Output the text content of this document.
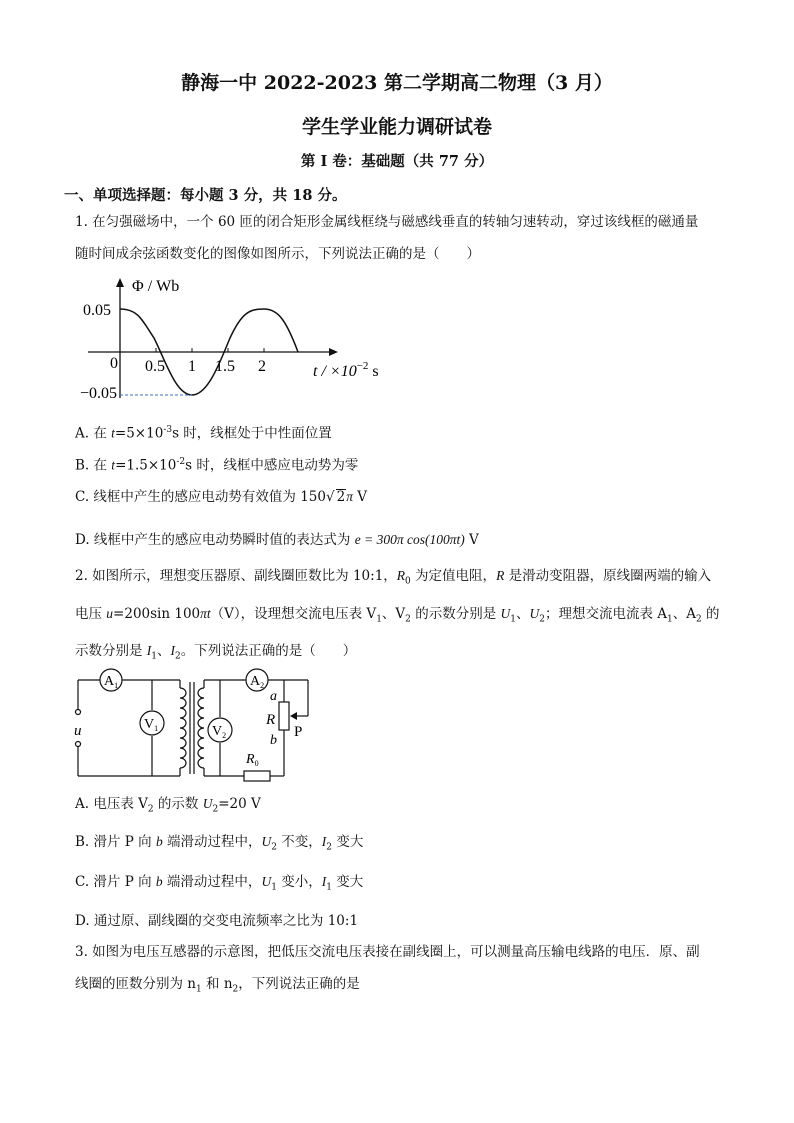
静海一中 2022-2023 第二学期高二物理（3 月）
学生学业能力调研试卷
第 I 卷：基础题（共 77 分）
一、单项选择题：每小题 3 分，共 18 分。
1. 在匀强磁场中，一个 60 匝的闭合矩形金属线框绕与磁感线垂直的转轴匀速转动，穿过该线框的磁通量
随时间成余弦函数变化的图像如图所示，下列说法正确的是（　　）
Φ / Wb
0.05
−0.05
0 0.5 1 1.5 2	$t / \times 10^{-2}$ s
A. 在 $t=5\times 10^{-3}s$ 时，线框处于中性面位置
B. 在 $t=1.5\times 10^{-2}s$ 时，线框中感应电动势为零
C. 线框中产生的感应电动势有效值为 150√ 2π V
D. 线框中产生的感应电动势瞬时值的表达式为 e = 300π cos(100πt) V
2. 如图所示，理想变压器原、副线圈匝数比为 10:1，$R_0$ 为定值电阻，R 是滑动变阻器，原线圈两端的输入
电压 u=200sin 100πt（V），设理想交流电压表 $V_1$、$V_2$ 的示数分别是 $U_1$、$U_2$；理想交流电流表 $A_1$、$A_2$ 的
示数分别是 $I_1$、$I_2$。下列说法正确的是（　　）
$A_1$
$V_1$
$A_2$
$V_2$
u
a
R
b
P
$R_0$
A. 电压表 $V_2$ 的示数 $U_2=20$ V
B. 滑片 P 向 b 端滑动过程中，$U_2$ 不变，$I_2$ 变大
C. 滑片 P 向 b 端滑动过程中，$U_1$ 变小，$I_1$ 变大
D. 通过原、副线圈的交变电流频率之比为 10:1
3. 如图为电压互感器的示意图，把低压交流电压表接在副线圈上，可以测量高压输电线路的电压．原、副
线圈的匝数分别为 $n_1$ 和 $n_2$，下列说法正确的是
